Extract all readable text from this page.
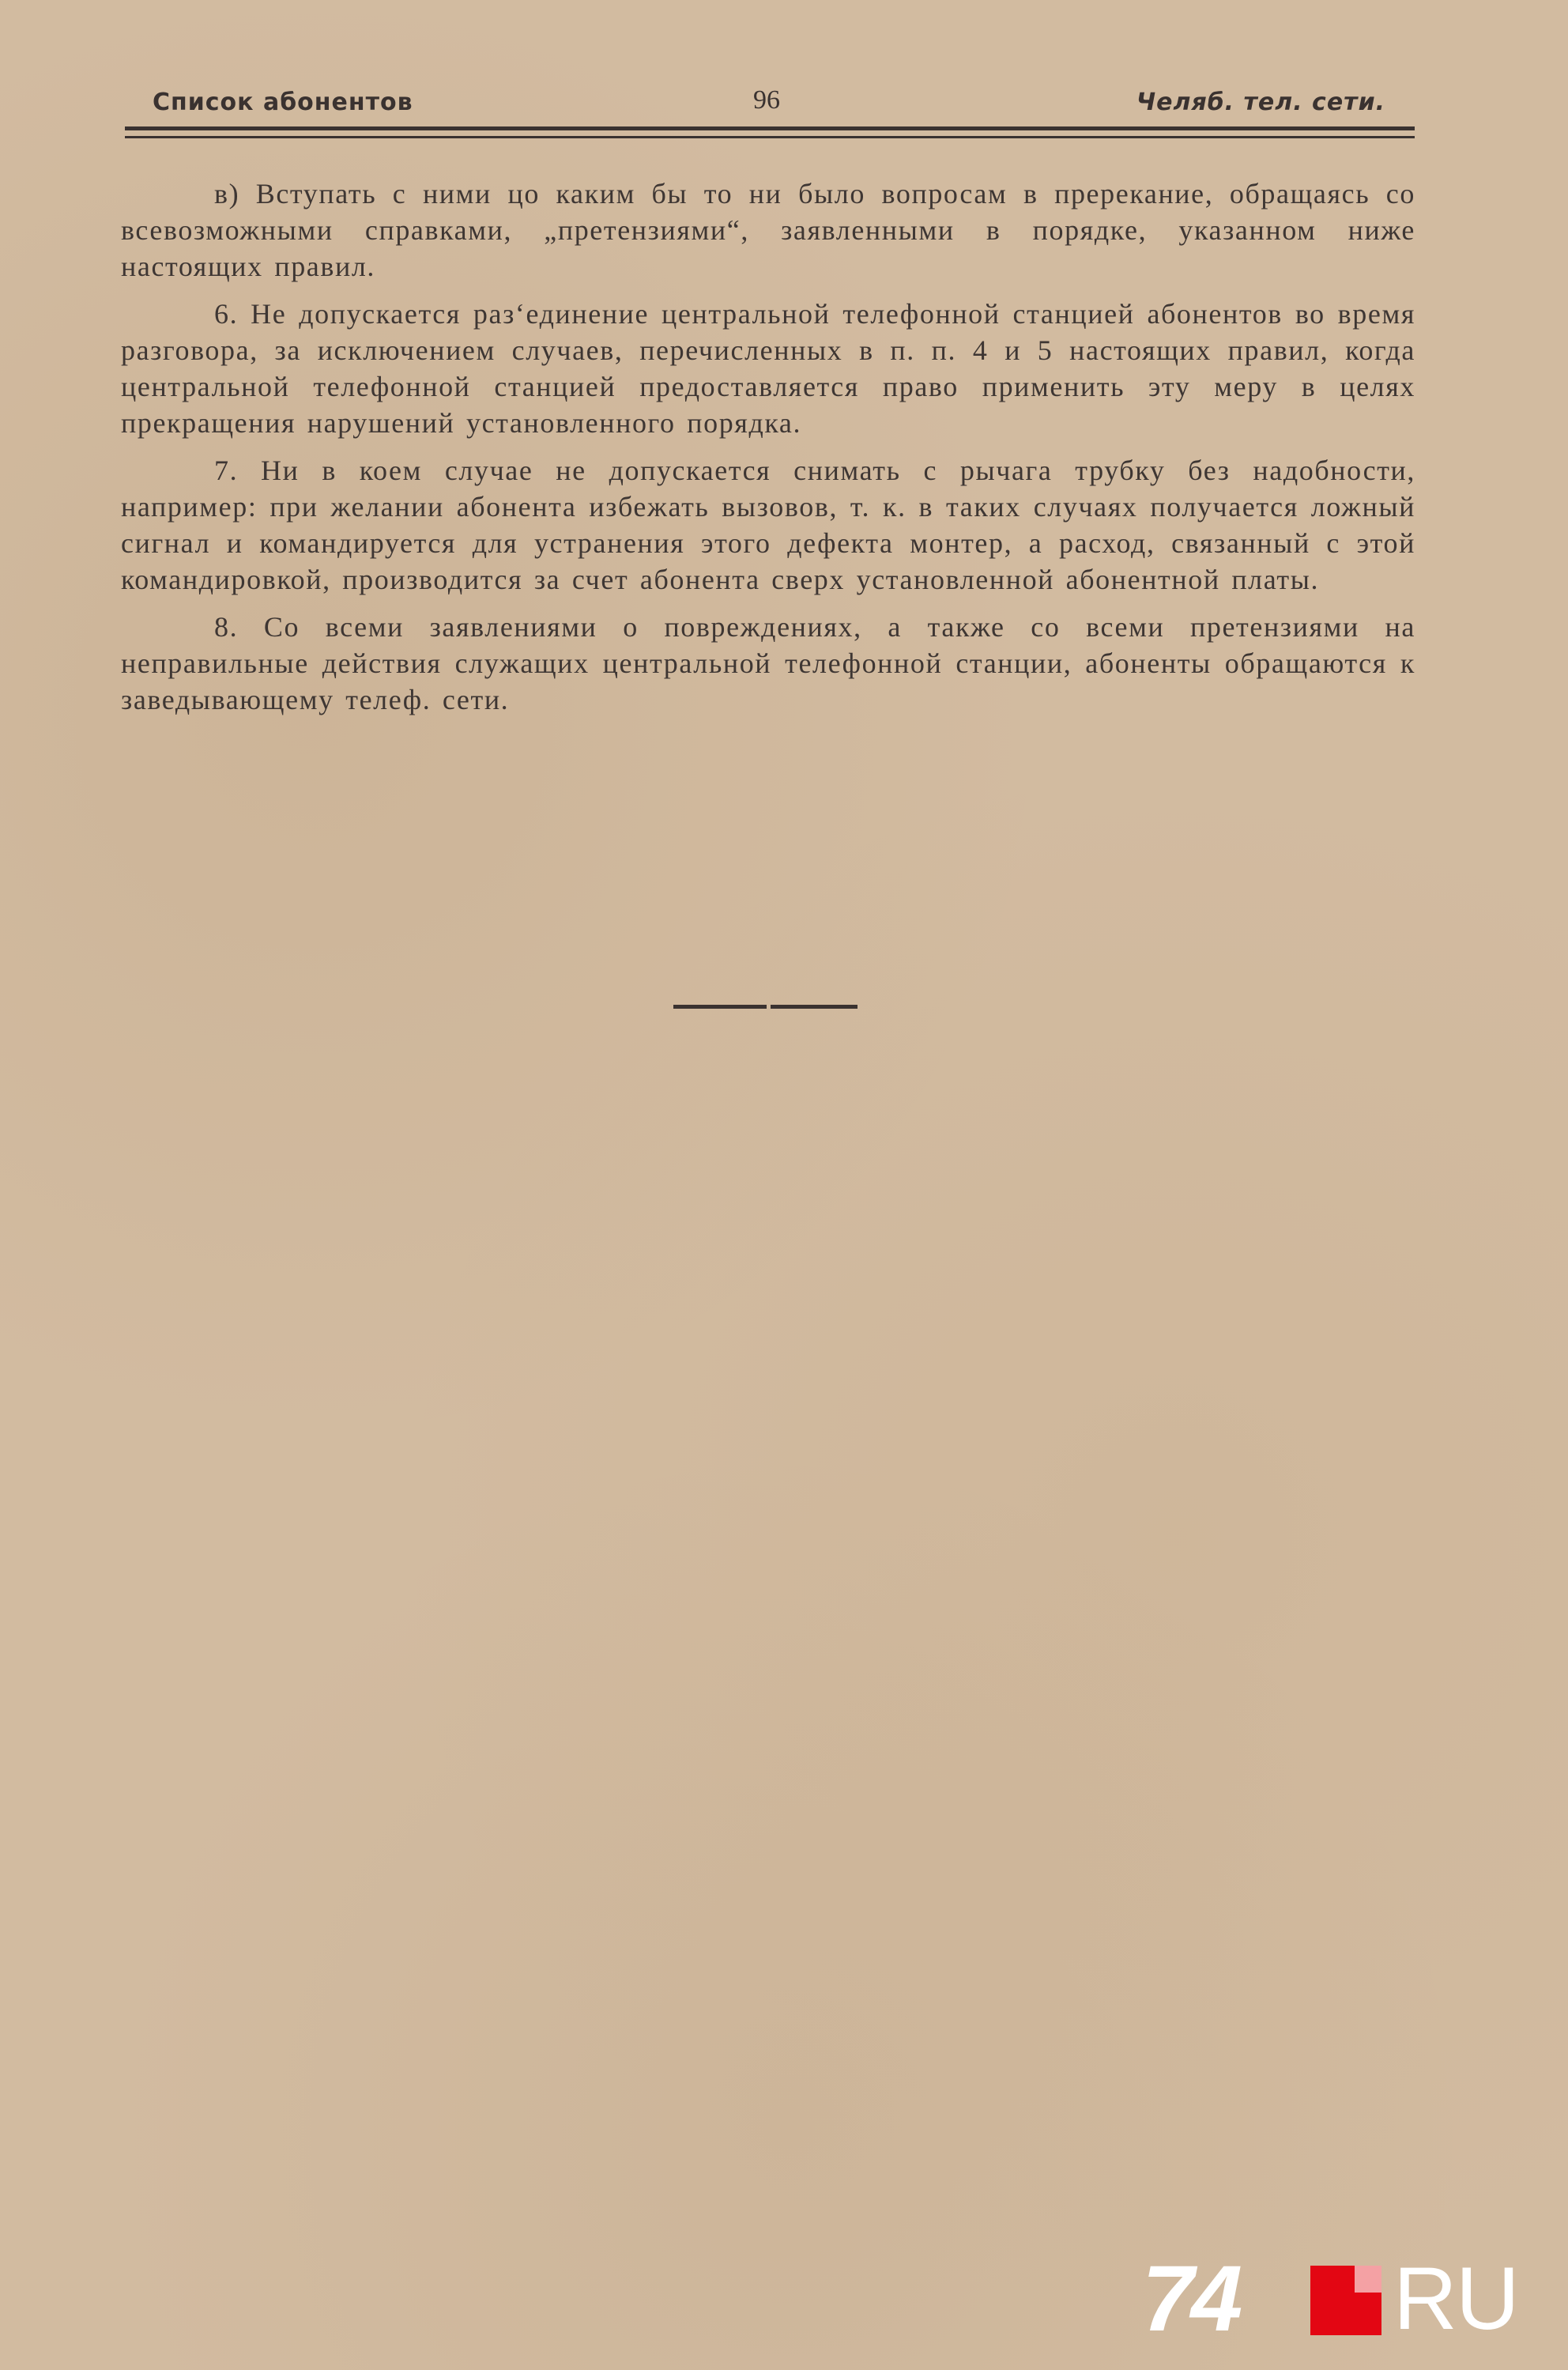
Список абонентов	96	Челяб. тел. сети.

в) Вступать с ними цо каким бы то ни было вопросам в пререкание, обращаясь со всевозможными справками, „претензиями“, заявленными в порядке, указанном ниже настоящих правил.

6. Не допускается разʻединение центральной телефонной станцией абонентов во время разговора, за исключением случаев, перечисленных в п. п. 4 и 5 настоящих правил, когда центральной телефонной станцией предоставляется право применить эту меру в целях прекращения нарушений установленного порядка.

7. Ни в коем случае не допускается снимать с рычага трубку без надобности, например: при желании абонента избежать вызовов, т. к. в таких случаях получается ложный сигнал и командируется для устранения этого дефекта монтер, а расход, связанный с этой командировкой, производится за счет абонента сверх установленной абонентной платы.

8. Со всеми заявлениями о повреждениях, а также со всеми претензиями на неправильные действия служащих центральной телефонной станции, абоненты обращаются к заведывающему телеф. сети.

74 RU
